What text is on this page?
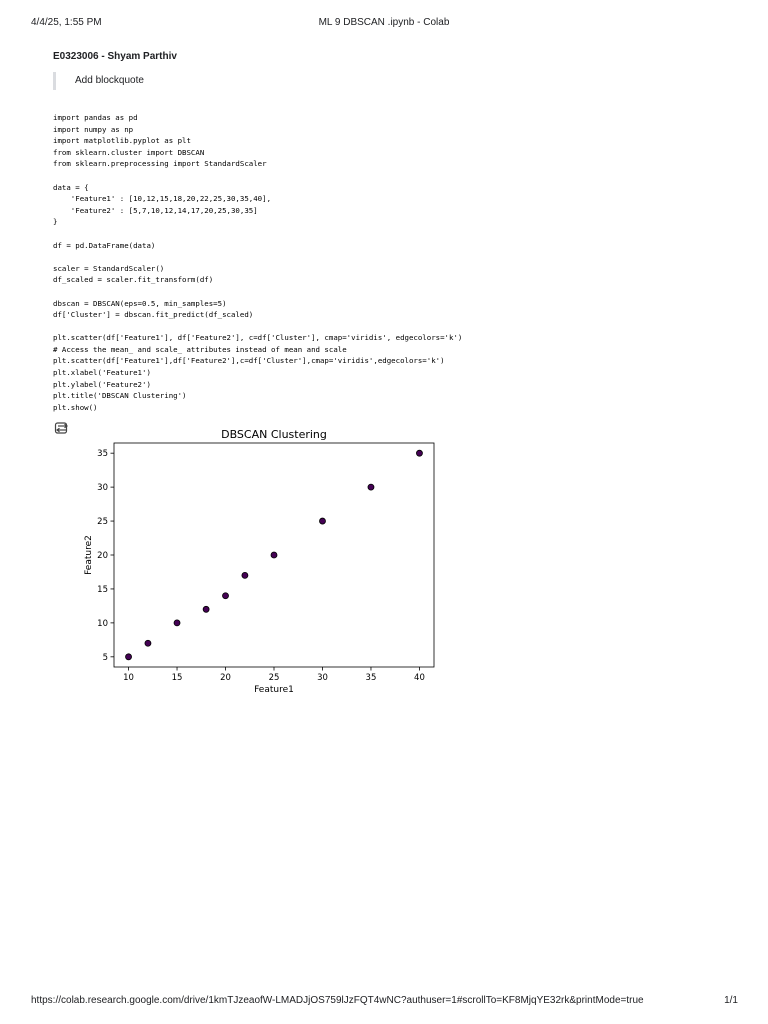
4/4/25, 1:55 PM	ML 9 DBSCAN .ipynb - Colab
E0323006 - Shyam Parthiv
Add blockquote
import pandas as pd
import numpy as np
import matplotlib.pyplot as plt
from sklearn.cluster import DBSCAN
from sklearn.preprocessing import StandardScaler
data = {
'Feature1' : [10,12,15,18,20,22,25,30,35,40],
'Feature2' : [5,7,10,12,14,17,20,25,30,35]
}
df = pd.DataFrame(data)
scaler = StandardScaler()
df_scaled = scaler.fit_transform(df)
dbscan = DBSCAN(eps=0.5, min_samples=5)
df['Cluster'] = dbscan.fit_predict(df_scaled)
plt.scatter(df['Feature1'], df['Feature2'], c=df['Cluster'], cmap='viridis', edgecolors='k')
# Access the mean_ and scale_ attributes instead of mean and scale
plt.scatter(df['Feature1'],df['Feature2'],c=df['Cluster'],cmap='viridis',edgecolors='k')
plt.xlabel('Feature1')
plt.ylabel('Feature2')
plt.title('DBSCAN Clustering')
plt.show()
DBSCAN Clustering
10	15	20	25	30	35	40
5
10
15
20
25
30
35
Feature1
Feature2
https://colab.research.google.com/drive/1kmTJzeaofW-LMADJjOS759lJzFQT4wNC?authuser=1#scrollTo=KF8MjqYE32rk&printMode=true	1/1
